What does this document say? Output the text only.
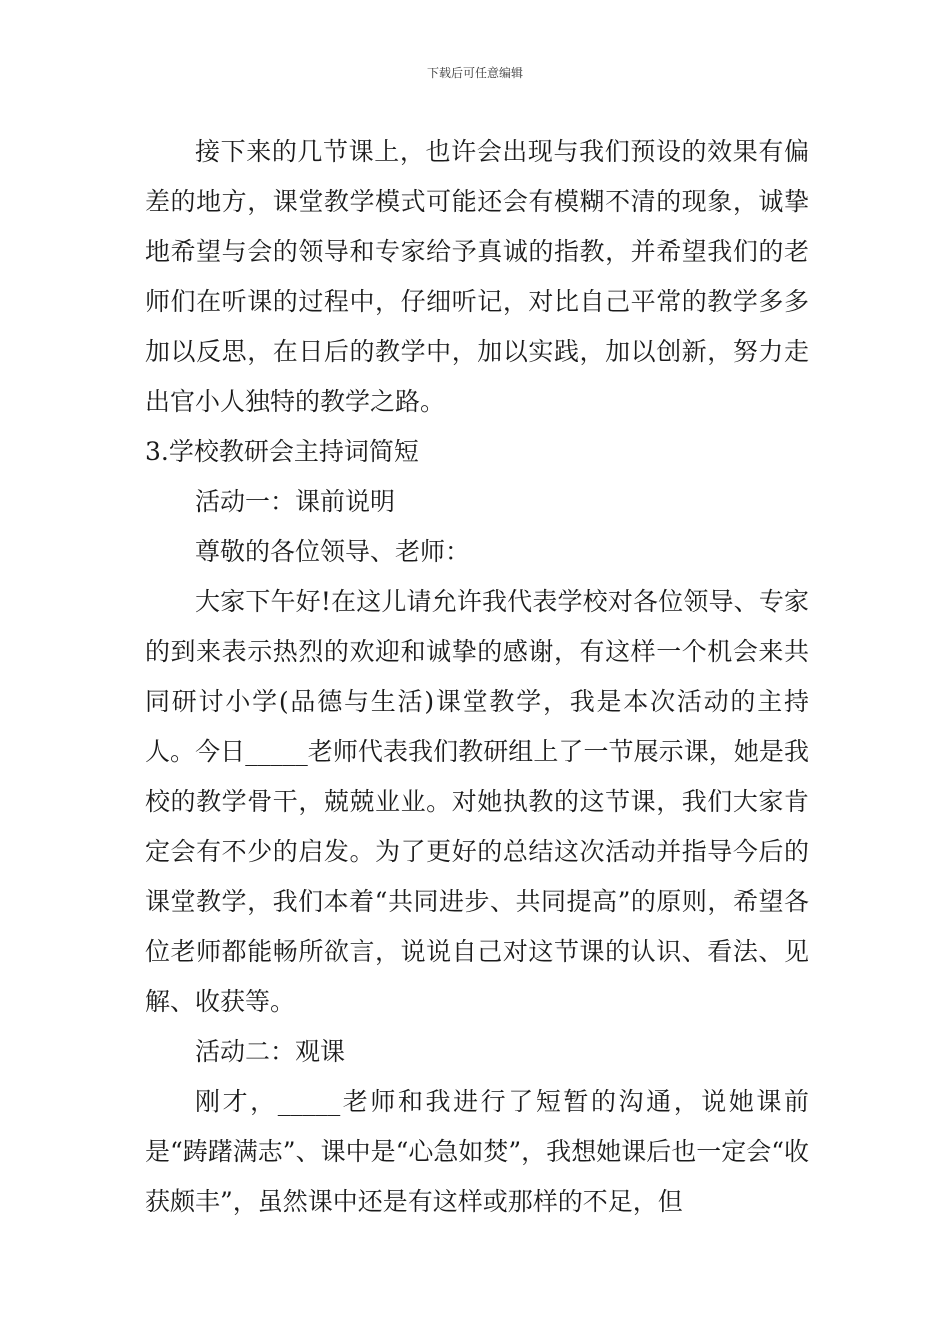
下载后可任意编辑

接下来的几节课上，也许会出现与我们预设的效果有偏差的地方，课堂教学模式可能还会有模糊不清的现象，诚挚地希望与会的领导和专家给予真诚的指教，并希望我们的老师们在听课的过程中，仔细听记，对比自己平常的教学多多加以反思，在日后的教学中，加以实践，加以创新，努力走出官小人独特的教学之路。

3.学校教研会主持词简短

活动一：课前说明

尊敬的各位领导、老师：

大家下午好!在这儿请允许我代表学校对各位领导、专家的到来表示热烈的欢迎和诚挚的感谢，有这样一个机会来共同研讨小学(品德与生活)课堂教学，我是本次活动的主持人。今日_____老师代表我们教研组上了一节展示课，她是我校的教学骨干，兢兢业业。对她执教的这节课，我们大家肯定会有不少的启发。为了更好的总结这次活动并指导今后的课堂教学，我们本着“共同进步、共同提高”的原则，希望各位老师都能畅所欲言，说说自己对这节课的认识、看法、见解、收获等。

活动二：观课

刚才，_____老师和我进行了短暂的沟通，说她课前是“踌躇满志”、课中是“心急如焚”，我想她课后也一定会“收获颇丰”，虽然课中还是有这样或那样的不足，但
